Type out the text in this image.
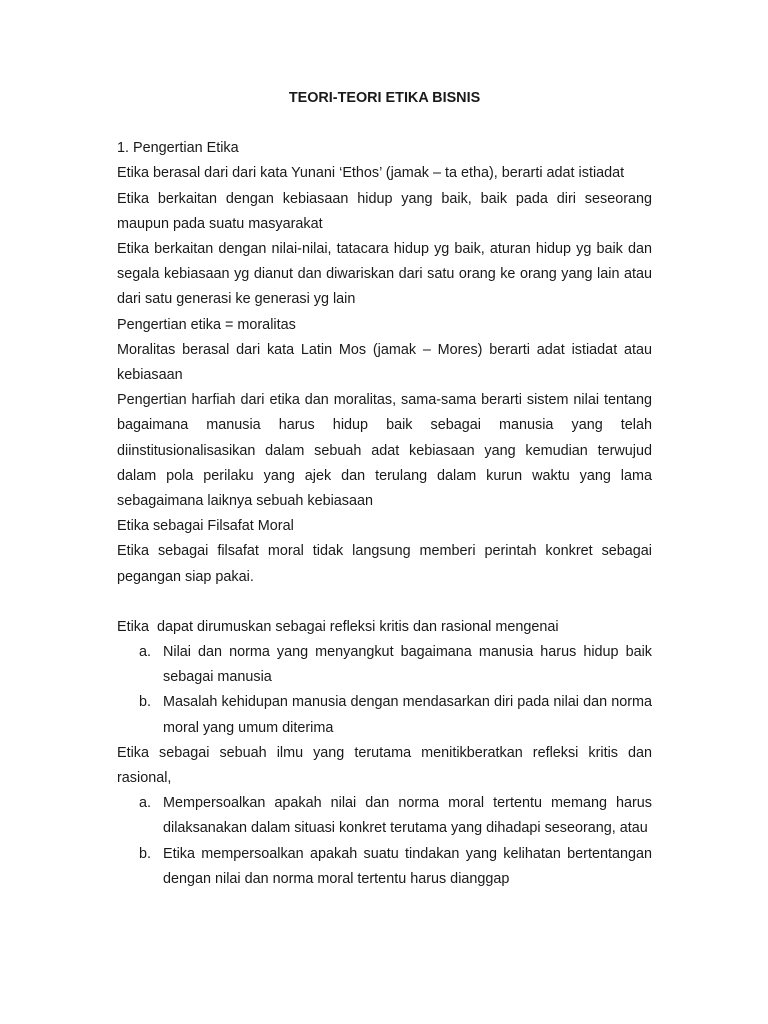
TEORI-TEORI ETIKA BISNIS

1. Pengertian Etika

Etika berasal dari dari kata Yunani ‘Ethos’ (jamak – ta etha), berarti adat istiadat

Etika berkaitan dengan kebiasaan hidup yang baik, baik pada diri seseorang maupun pada suatu masyarakat

Etika berkaitan dengan nilai-nilai, tatacara hidup yg baik, aturan hidup yg baik dan segala kebiasaan yg dianut dan diwariskan dari satu orang ke orang yang lain atau dari satu generasi ke generasi yg lain

Pengertian etika = moralitas

Moralitas berasal dari kata Latin Mos (jamak – Mores) berarti adat istiadat atau kebiasaan

Pengertian harfiah dari etika dan moralitas, sama-sama berarti sistem nilai tentang bagaimana manusia harus hidup baik sebagai manusia yang telah diinstitusionalisasikan dalam sebuah adat kebiasaan yang kemudian terwujud dalam pola perilaku yang ajek dan terulang dalam kurun waktu yang lama sebagaimana laiknya sebuah kebiasaan

Etika sebagai Filsafat Moral

Etika sebagai filsafat moral tidak langsung memberi perintah konkret sebagai pegangan siap pakai.

Etika  dapat dirumuskan sebagai refleksi kritis dan rasional mengenai

a. Nilai dan norma yang menyangkut bagaimana manusia harus hidup baik sebagai manusia
b. Masalah kehidupan manusia dengan mendasarkan diri pada nilai dan norma moral yang umum diterima

Etika sebagai sebuah ilmu yang terutama menitikberatkan refleksi kritis dan rasional,

a. Mempersoalkan apakah nilai dan norma moral tertentu memang harus dilaksanakan dalam situasi konkret terutama yang dihadapi seseorang, atau
b. Etika mempersoalkan apakah suatu tindakan yang kelihatan bertentangan dengan nilai dan norma moral tertentu harus dianggap
